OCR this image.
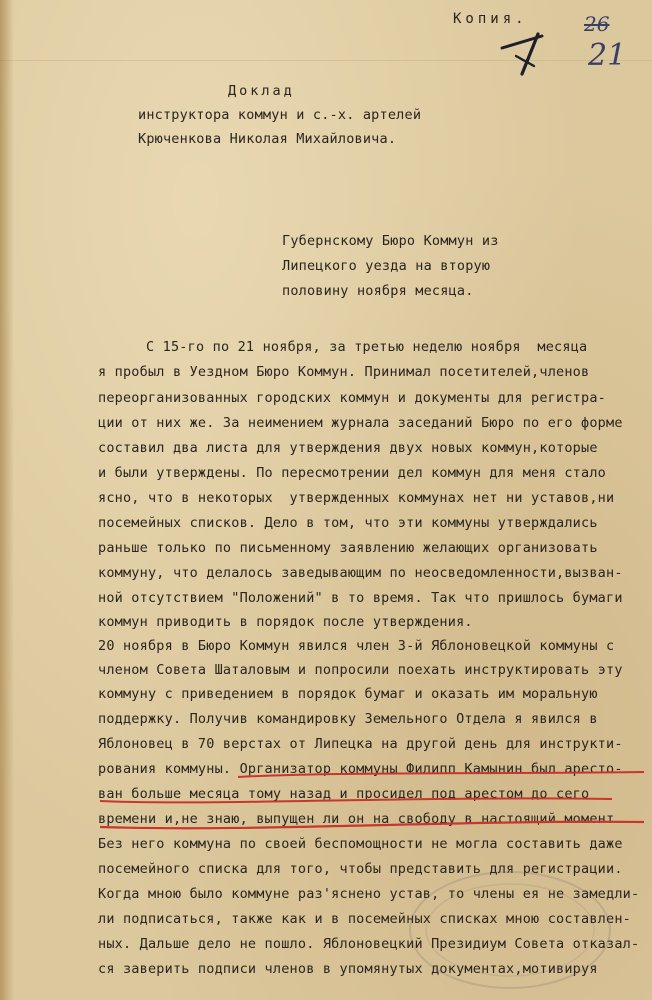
Копия.	26
21
Доклад
инструктора коммун и с.-х. артелей
Крюченкова Николая Михайловича.
Губернскому Бюро Коммун из
Липецкого уезда на вторую
половину ноября месяца.
С 15-го по 21 ноября, за третью неделю ноября  месяца
я пробыл в Уездном Бюро Коммун. Принимал посетителей,членов
переорганизованных городских коммун и документы для регистра-
ции от них же. За неимением журнала заседаний Бюро по его форме
составил два листа для утверждения двух новых коммун,которые
и были утверждены. По пересмотрении дел коммун для меня стало
ясно, что в некоторых  утвержденных коммунах нет ни уставов,ни
посемейных списков. Дело в том, что эти коммуны утверждались
раньше только по письменному заявлению желающих организовать
коммуну, что делалось заведывающим по неосведомленности,вызван-
ной отсутствием "Положений" в то время. Так что пришлось бумаги
коммун приводить в порядок после утверждения.
20 ноября в Бюро Коммун явился член 3-й Яблоновецкой коммуны с
членом Совета Шаталовым и попросили поехать инструктировать эту
коммуну с приведением в порядок бумаг и оказать им моральную
поддержку. Получив командировку Земельного Отдела я явился в
Яблоновец в 70 верстах от Липецка на другой день для инструкти-
рования коммуны. Организатор коммуны Филипп Камынин был аресто-
ван больше месяца тому назад и просидел под арестом до сего
времени и,не знаю, выпущен ли он на свободу в настоящий момент.
Без него коммуна по своей беспомощности не могла составить даже
посемейного списка для того, чтобы представить для регистрации.
Когда мною было коммуне раз'яснено устав, то члены ея не замедли-
ли подписаться, также как и в посемейных списках мною составлен-
ных. Дальше дело не пошло. Яблоновецкий Президиум Совета отказал-
ся заверить подписи членов в упомянутых документах,мотивируя
